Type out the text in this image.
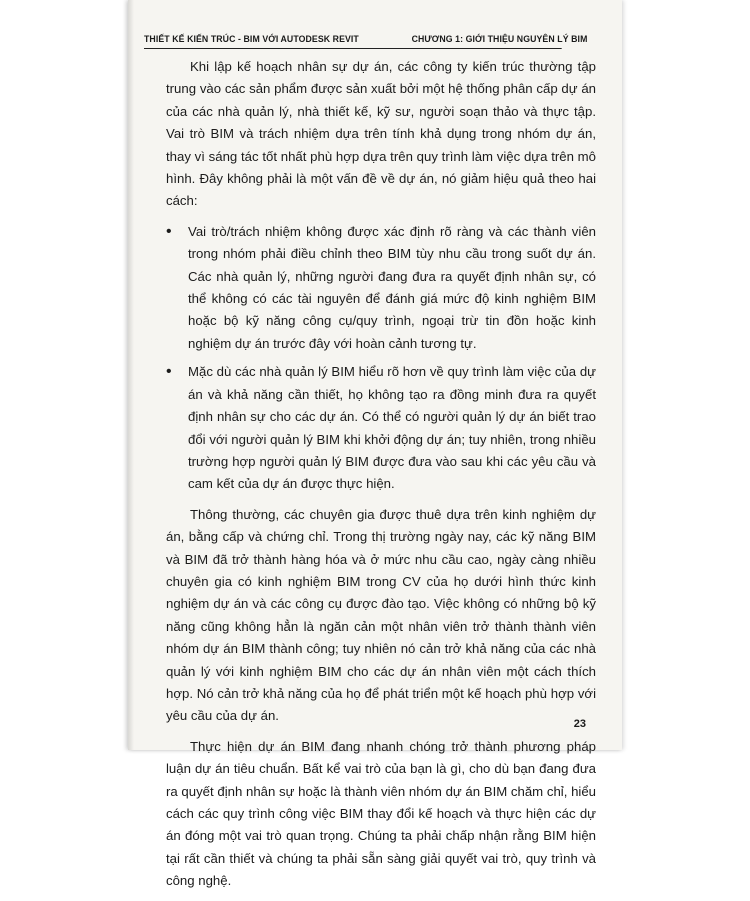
THIẾT KẾ KIẾN TRÚC - BIM VỚI AUTODESK REVIT	CHƯƠNG 1: GIỚI THIỆU NGUYÊN LÝ BIM

Khi lập kế hoạch nhân sự dự án, các công ty kiến trúc thường tập trung vào các sản phẩm được sản xuất bởi một hệ thống phân cấp dự án của các nhà quản lý, nhà thiết kế, kỹ sư, người soạn thảo và thực tập. Vai trò BIM và trách nhiệm dựa trên tính khả dụng trong nhóm dự án, thay vì sáng tác tốt nhất phù hợp dựa trên quy trình làm việc dựa trên mô hình. Đây không phải là một vấn đề về dự án, nó giảm hiệu quả theo hai cách:

• Vai trò/trách nhiệm không được xác định rõ ràng và các thành viên trong nhóm phải điều chỉnh theo BIM tùy nhu cầu trong suốt dự án. Các nhà quản lý, những người đang đưa ra quyết định nhân sự, có thể không có các tài nguyên để đánh giá mức độ kinh nghiệm BIM hoặc bộ kỹ năng công cụ/quy trình, ngoại trừ tin đồn hoặc kinh nghiệm dự án trước đây với hoàn cảnh tương tự.
• Mặc dù các nhà quản lý BIM hiểu rõ hơn về quy trình làm việc của dự án và khả năng cần thiết, họ không tạo ra đồng minh đưa ra quyết định nhân sự cho các dự án. Có thể có người quản lý dự án biết trao đổi với người quản lý BIM khi khởi động dự án; tuy nhiên, trong nhiều trường hợp người quản lý BIM được đưa vào sau khi các yêu cầu và cam kết của dự án được thực hiện.

Thông thường, các chuyên gia được thuê dựa trên kinh nghiệm dự án, bằng cấp và chứng chỉ. Trong thị trường ngày nay, các kỹ năng BIM và BIM đã trở thành hàng hóa và ở mức nhu cầu cao, ngày càng nhiều chuyên gia có kinh nghiệm BIM trong CV của họ dưới hình thức kinh nghiệm dự án và các công cụ được đào tạo. Việc không có những bộ kỹ năng cũng không hẳn là ngăn cản một nhân viên trở thành thành viên nhóm dự án BIM thành công; tuy nhiên nó cản trở khả năng của các nhà quản lý với kinh nghiệm BIM cho các dự án nhân viên một cách thích hợp. Nó cản trở khả năng của họ để phát triển một kế hoạch phù hợp với yêu cầu của dự án.

Thực hiện dự án BIM đang nhanh chóng trở thành phương pháp luận dự án tiêu chuẩn. Bất kể vai trò của bạn là gì, cho dù bạn đang đưa ra quyết định nhân sự hoặc là thành viên nhóm dự án BIM chăm chỉ, hiểu cách các quy trình công việc BIM thay đổi kế hoạch và thực hiện các dự án đóng một vai trò quan trọng. Chúng ta phải chấp nhận rằng BIM hiện tại rất cần thiết và chúng ta phải sẵn sàng giải quyết vai trò, quy trình và công nghệ.

23
